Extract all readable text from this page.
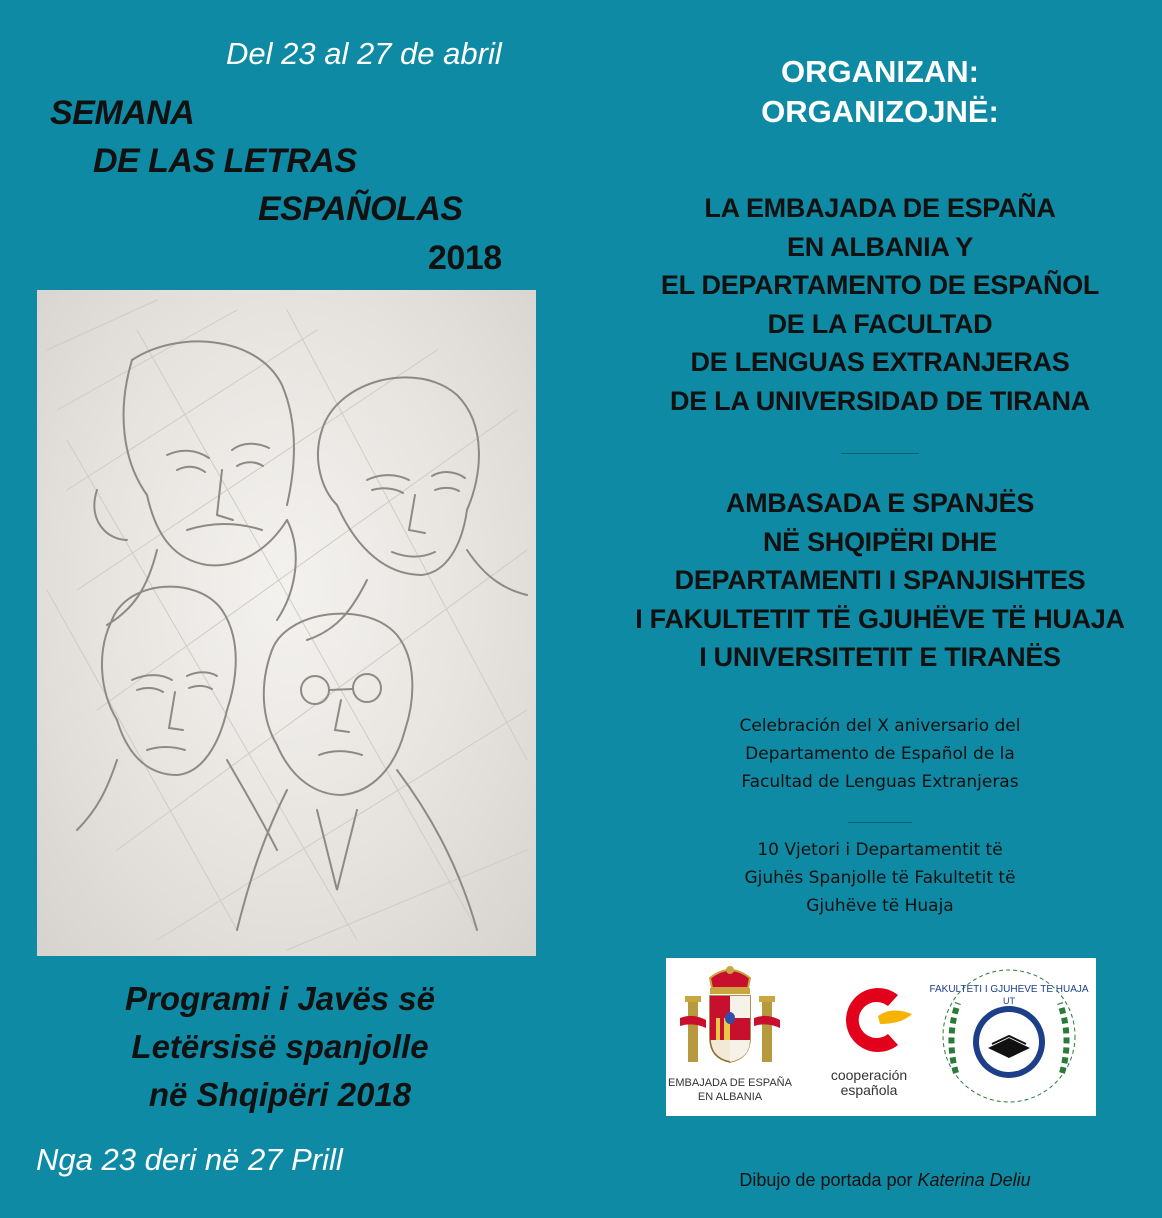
Del 23 al 27 de abril
SEMANA
DE LAS LETRAS
ESPAÑOLAS
2018
Programi i Javës së
Letërsisë spanjolle
në Shqipëri 2018
Nga 23 deri në 27 Prill
ORGANIZAN:
ORGANIZOJNË:
LA EMBAJADA DE ESPAÑA
EN ALBANIA Y
EL DEPARTAMENTO DE ESPAÑOL
DE LA FACULTAD
DE LENGUAS EXTRANJERAS
DE LA UNIVERSIDAD DE TIRANA
AMBASADA E SPANJËS
NË SHQIPËRI DHE
DEPARTAMENTI I SPANJISHTES
I FAKULTETIT TË GJUHËVE TË HUAJA
I UNIVERSITETIT E TIRANËS
Celebración del X aniversario del
Departamento de Español de la
Facultad de Lenguas Extranjeras
10 Vjetori i Departamentit të
Gjuhës Spanjolle të Fakultetit të
Gjuhëve të Huaja
EMBAJADA DE ESPAÑA
EN ALBANIA
cooperación
española
FAKULTETI I GJUHEVE TE HUAJA
UT
Dibujo de portada por Katerina Deliu
